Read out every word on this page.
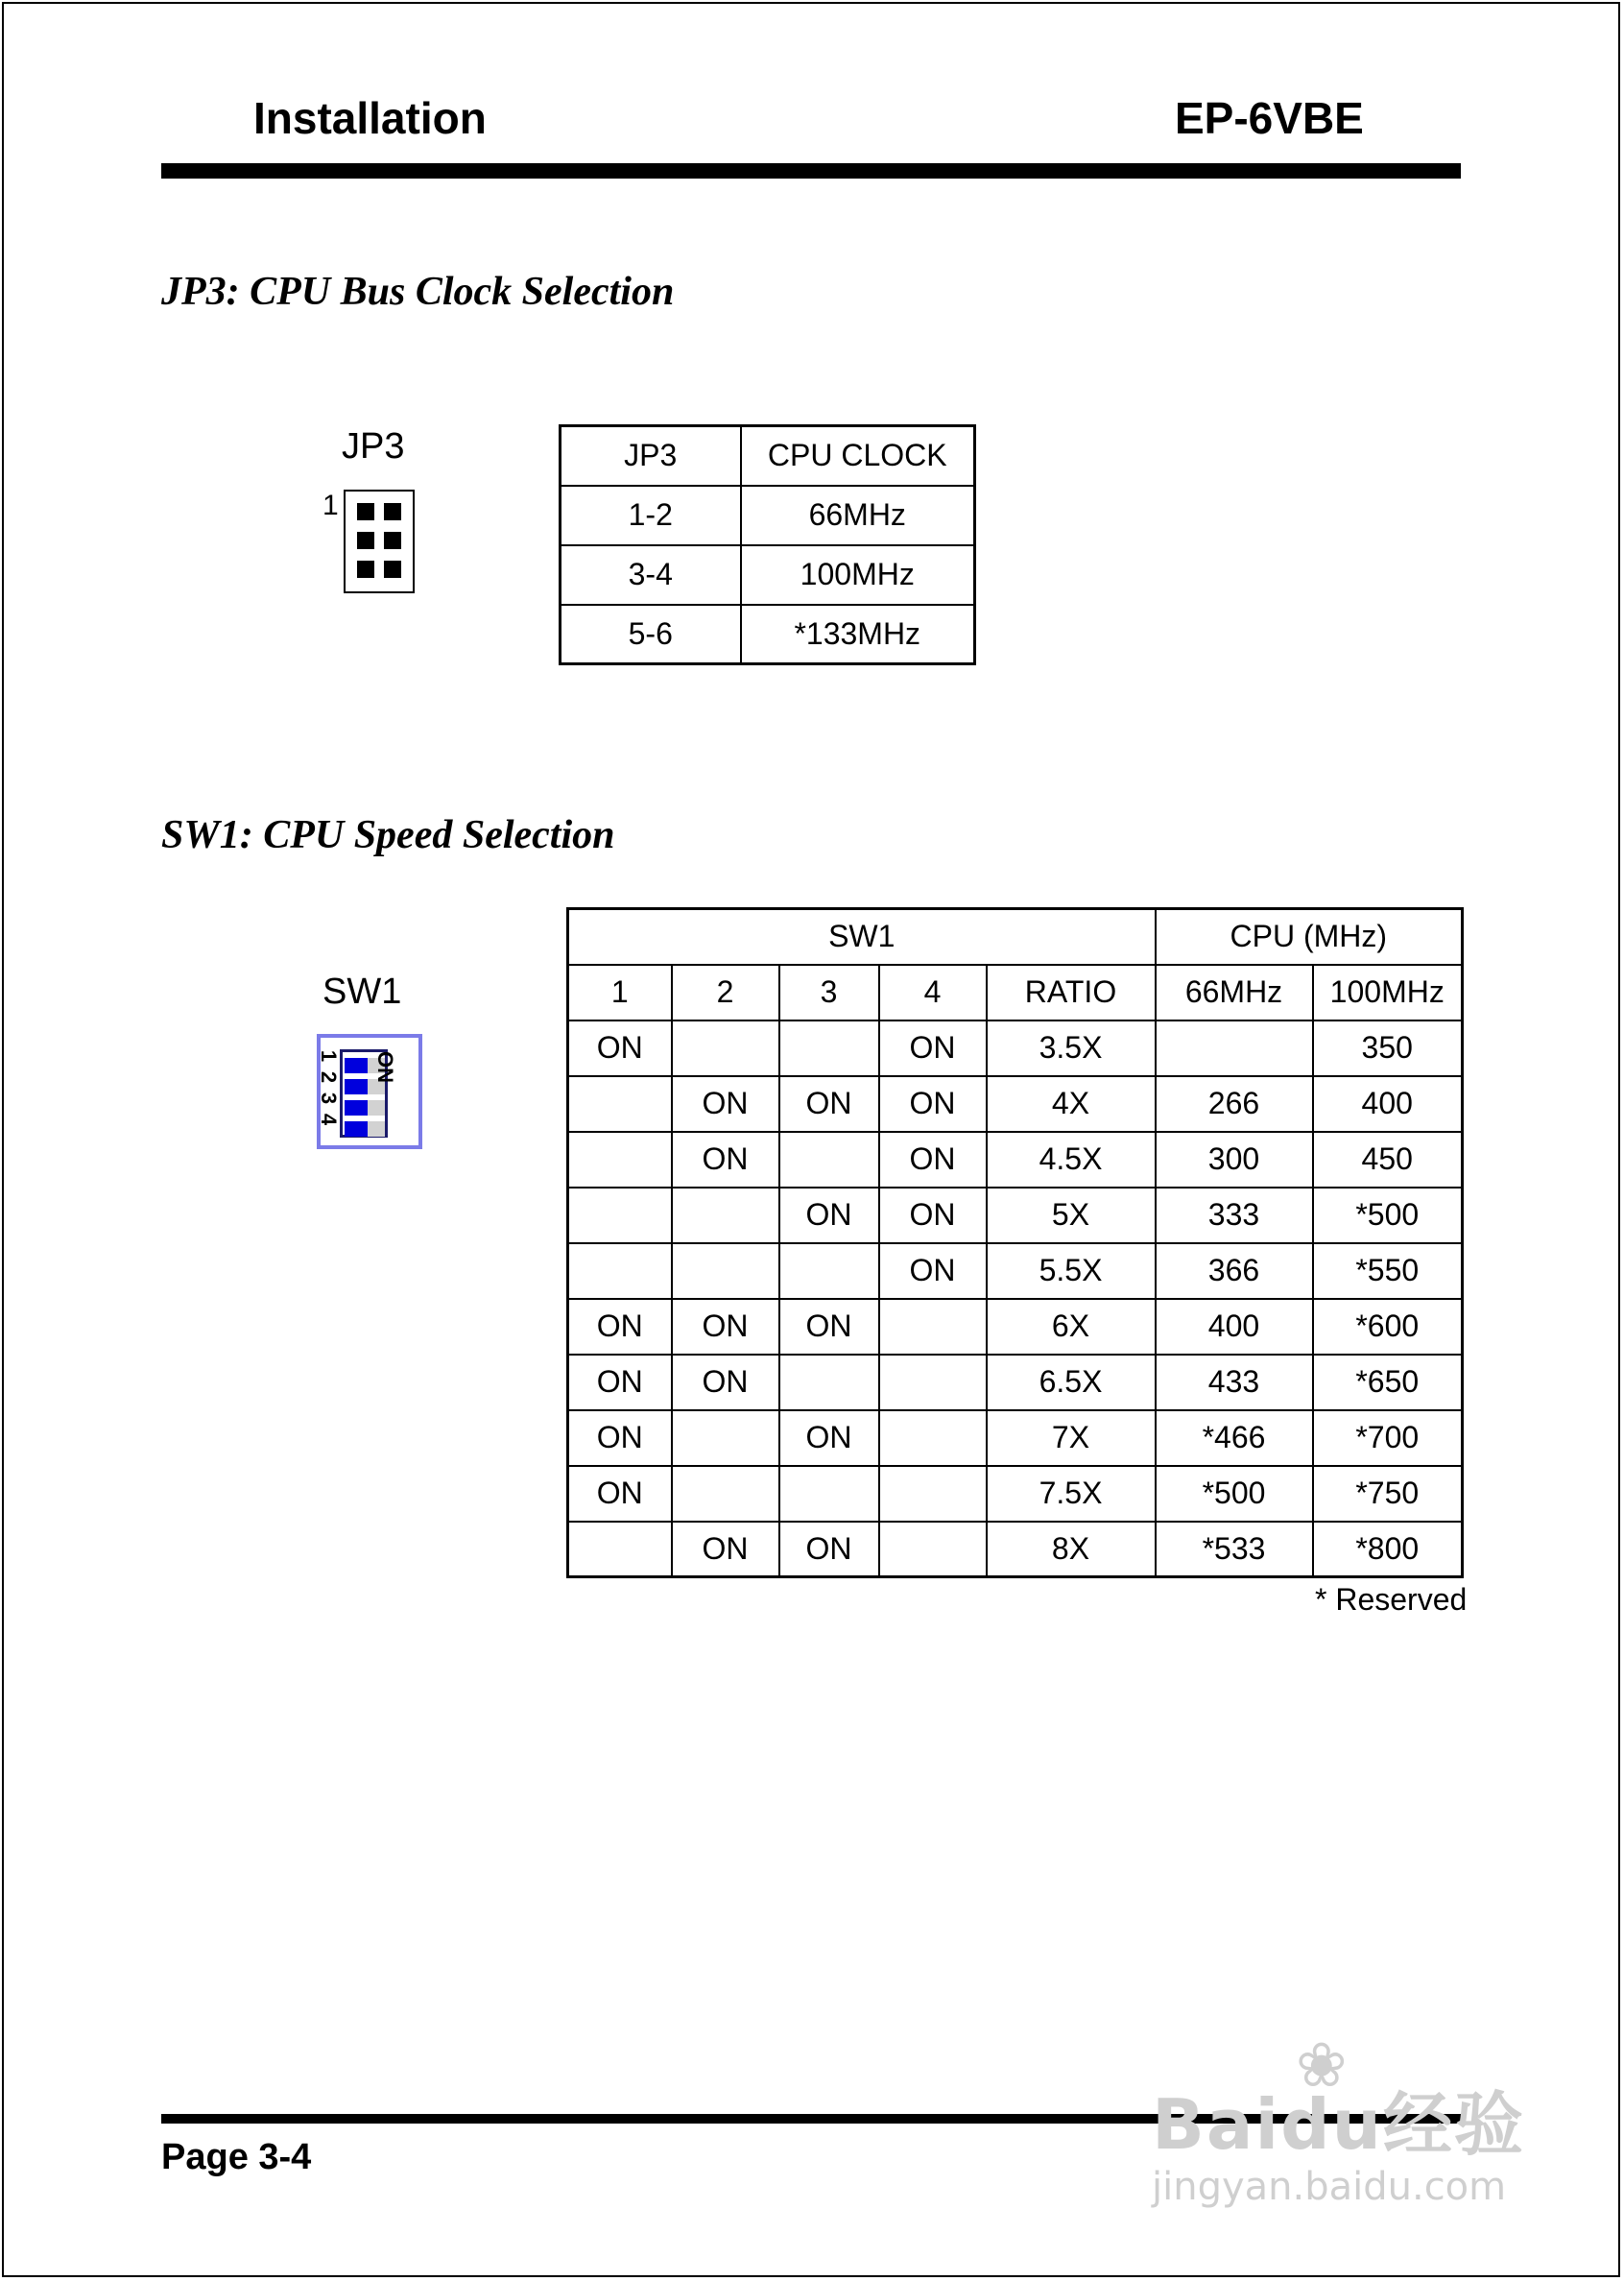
Installation	EP-6VBE
JP3: CPU Bus Clock Selection
JP3
1
JP3	CPU CLOCK
1-2	66MHz
3-4	100MHz
5-6	*133MHz
SW1: CPU Speed Selection
SW1
1
2
3
4
ON
SW1					CPU (MHz)	
1	2	3	4	RATIO	66MHz	100MHz
ON			ON	3.5X		350
	ON	ON	ON	4X	266	400
	ON		ON	4.5X	300	450
		ON	ON	5X	333	*500
			ON	5.5X	366	*550
ON	ON	ON		6X	400	*600
ON	ON			6.5X	433	*650
ON		ON		7X	*466	*700
ON				7.5X	*500	*750
	ON	ON		8X	*533	*800
* Reserved
Page 3-4
❀
Baidu经验
jingyan.baidu.com
